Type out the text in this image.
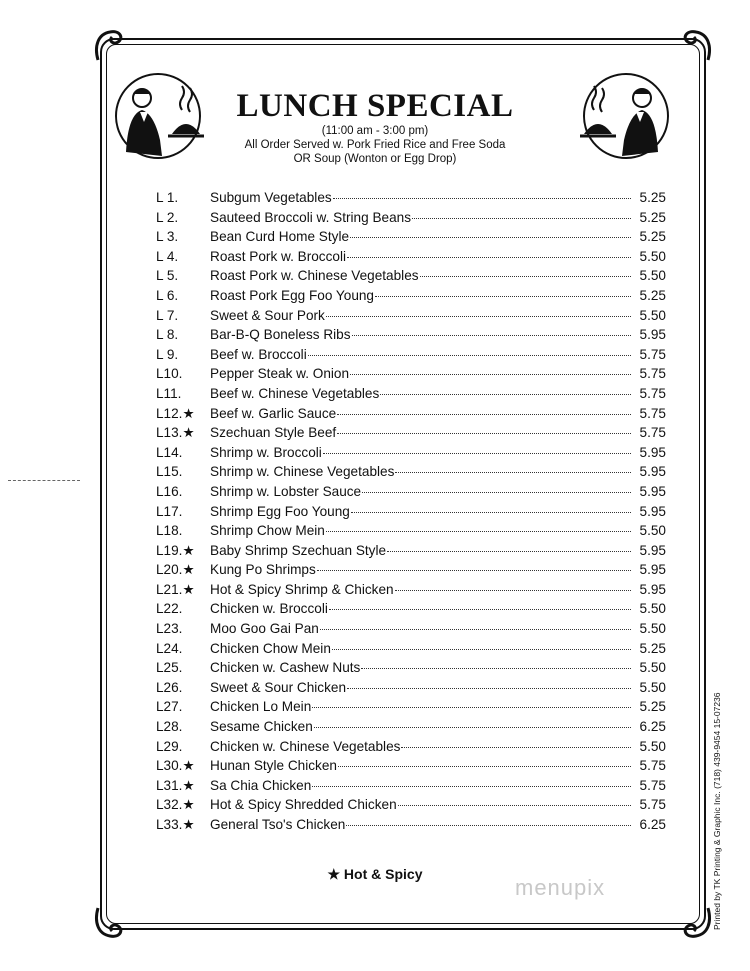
LUNCH SPECIAL
(11:00 am - 3:00 pm)
All Order Served w. Pork Fried Rice and Free Soda
OR Soup (Wonton or Egg Drop)
L 1.	Subgum Vegetables	5.25
L 2.	Sauteed Broccoli w. String Beans	5.25
L 3.	Bean Curd Home Style	5.25
L 4.	Roast Pork w. Broccoli	5.50
L 5.	Roast Pork w. Chinese Vegetables	5.50
L 6.	Roast Pork Egg Foo Young	5.25
L 7.	Sweet & Sour Pork	5.50
L 8.	Bar-B-Q Boneless Ribs	5.95
L 9.	Beef w. Broccoli	5.75
L10.	Pepper Steak w. Onion	5.75
L11.	Beef w. Chinese Vegetables	5.75
L12.★	Beef w. Garlic Sauce	5.75
L13.★	Szechuan Style Beef	5.75
L14.	Shrimp w. Broccoli	5.95
L15.	Shrimp w. Chinese Vegetables	5.95
L16.	Shrimp w. Lobster Sauce	5.95
L17.	Shrimp Egg Foo Young	5.95
L18.	Shrimp Chow Mein	5.50
L19.★	Baby Shrimp Szechuan Style	5.95
L20.★	Kung Po Shrimps	5.95
L21.★	Hot & Spicy Shrimp & Chicken	5.95
L22.	Chicken w. Broccoli	5.50
L23.	Moo Goo Gai Pan	5.50
L24.	Chicken Chow Mein	5.25
L25.	Chicken w. Cashew Nuts	5.50
L26.	Sweet & Sour Chicken	5.50
L27.	Chicken Lo Mein	5.25
L28.	Sesame Chicken	6.25
L29.	Chicken w. Chinese Vegetables	5.50
L30.★	Hunan Style Chicken	5.75
L31.★	Sa Chia Chicken	5.75
L32.★	Hot & Spicy Shredded Chicken	5.75
L33.★	General Tso's Chicken	6.25
★ Hot & Spicy
menupix	Printed by TK Printing & Graphic Inc. (718) 439-9454 15-07236
